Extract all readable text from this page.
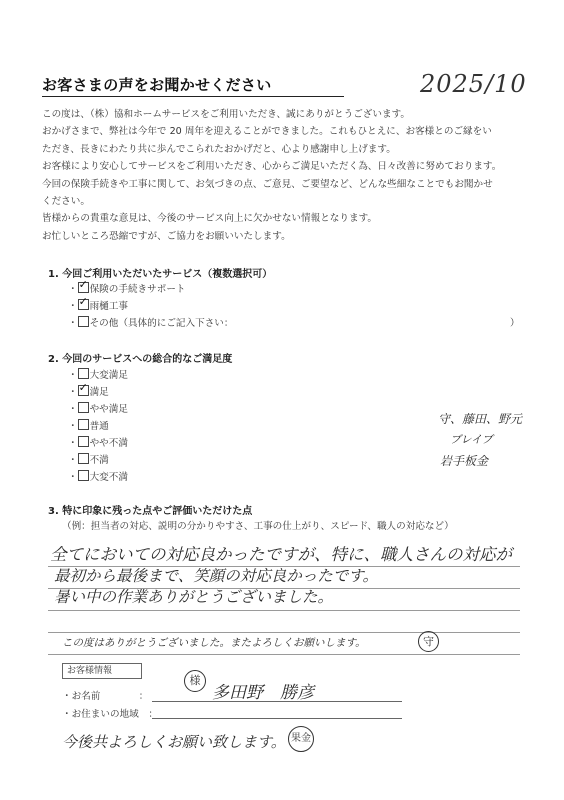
お客さまの声をお聞かせください	2025/10

この度は、（株）協和ホームサービスをご利用いただき、誠にありがとうございます。

おかげさまで、弊社は今年で 20 周年を迎えることができました。これもひとえに、お客様とのご縁をい

ただき、長きにわたり共に歩んでこられたおかげだと、心より感謝申し上げます。

お客様により安心してサービスをご利用いただき、心からご満足いただく為、日々改善に努めております。

今回の保険手続きや工事に関して、お気づきの点、ご意見、ご要望など、どんな些細なことでもお聞かせ

ください。

皆様からの貴重な意見は、今後のサービス向上に欠かせない情報となります。

お忙しいところ恐縮ですが、ご協力をお願いいたします。

1. 今回ご利用いただいたサービス（複数選択可）
・ ✓ 保険の手続きサポート
・ ✓ 雨樋工事
・ その他（具体的にご記入下さい：	）
2. 今回のサービスへの総合的なご満足度
・ 大変満足
・ ✓ 満足
・ やや満足
・ 普通
・ やや不満
・ 不満
・ 大変不満
守、藤田、野元
ブレイブ
岩手板金
3. 特に印象に残った点やご評価いただけた点
（例：担当者の対応、説明の分かりやすさ、工事の仕上がり、スピード、職人の対応など）
全てにおいての対応良かったですが、特に、職人さんの対応が
最初から最後まで、笑顔の対応良かったです。
暑い中の作業ありがとうございました。
この度はありがとうございました。またよろしくお願いします。	守
お客様情報
・お名前　　　　：
様
多田野　勝彦
・お住まいの地域　：
今後共よろしくお願い致します。 果金
